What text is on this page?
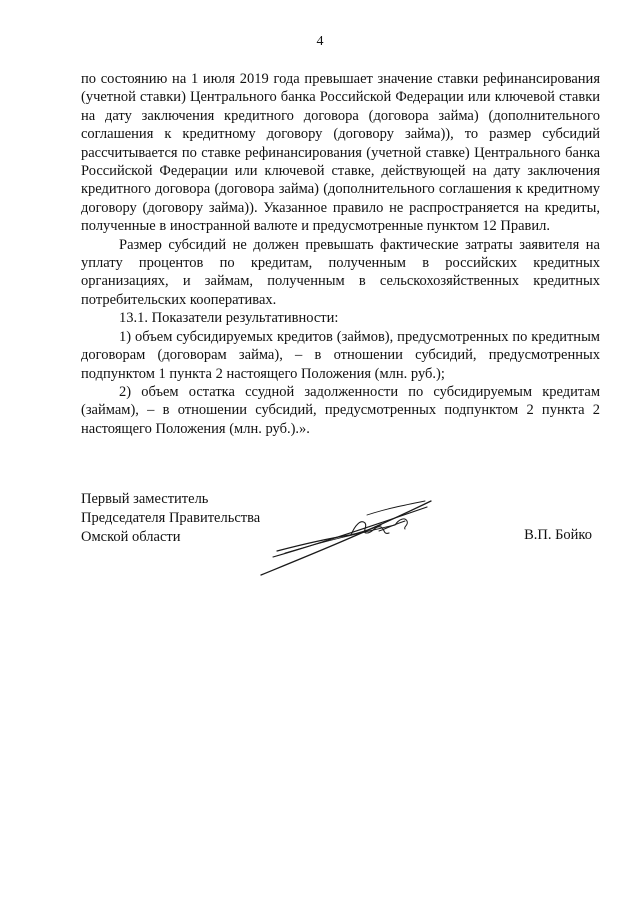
4

по состоянию на 1 июля 2019 года превышает значение ставки рефинансирования (учетной ставки) Центрального банка Российской Федерации или ключевой ставки на дату заключения кредитного договора (договора займа) (дополнительного соглашения к кредитному договору (договору займа)), то размер субсидий рассчитывается по ставке рефинансирования (учетной ставке) Центрального банка Российской Федерации или ключевой ставке, действующей на дату заключения кредитного договора (договора займа) (дополнительного соглашения к кредитному договору (договору займа)). Указанное правило не распространяется на кредиты, полученные в иностранной валюте и предусмотренные пунктом 12 Правил.

Размер субсидий не должен превышать фактические затраты заявителя на уплату процентов по кредитам, полученным в российских кредитных организациях, и займам, полученным в сельскохозяйственных кредитных потребительских кооперативах.

13.1. Показатели результативности:

1) объем субсидируемых кредитов (займов), предусмотренных по кредитным договорам (договорам займа), – в отношении субсидий, предусмотренных подпунктом 1 пункта 2 настоящего Положения (млн. руб.);

2) объем остатка ссудной задолженности по субсидируемым кредитам (займам), – в отношении субсидий, предусмотренных подпунктом 2 пункта 2 настоящего Положения (млн. руб.).».

Первый заместитель
Председателя Правительства
Омской области	В.П. Бойко
